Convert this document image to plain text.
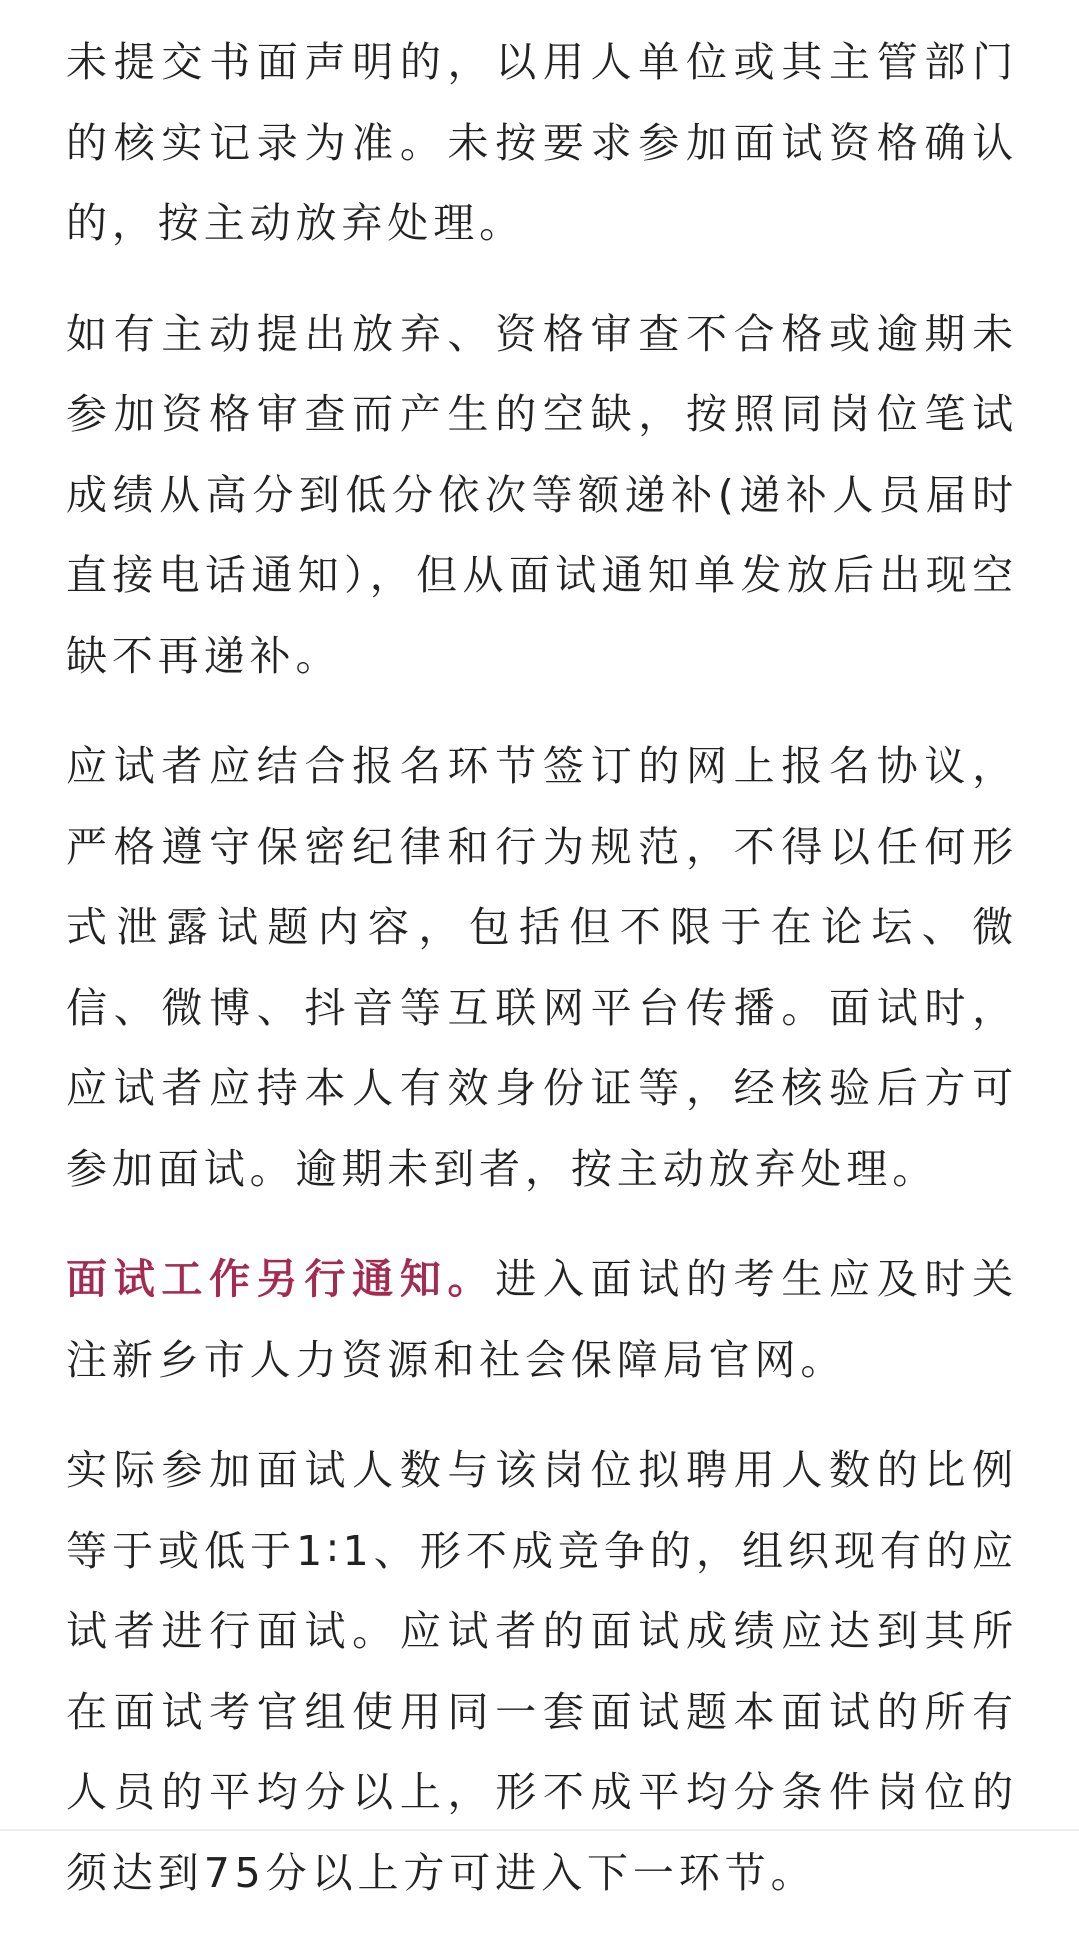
未提交书面声明的，以用人单位或其主管部门的核实记录为准。未按要求参加面试资格确认的，按主动放弃处理。

如有主动提出放弃、资格审查不合格或逾期未参加资格审查而产生的空缺，按照同岗位笔试成绩从高分到低分依次等额递补(递补人员届时直接电话通知），但从面试通知单发放后出现空缺不再递补。

应试者应结合报名环节签订的网上报名协议，严格遵守保密纪律和行为规范，不得以任何形式泄露试题内容，包括但不限于在论坛、微信、微博、抖音等互联网平台传播。面试时，应试者应持本人有效身份证等，经核验后方可参加面试。逾期未到者，按主动放弃处理。

面试工作另行通知。进入面试的考生应及时关注新乡市人力资源和社会保障局官网。

实际参加面试人数与该岗位拟聘用人数的比例等于或低于1∶1、形不成竞争的，组织现有的应试者进行面试。应试者的面试成绩应达到其所在面试考官组使用同一套面试题本面试的所有人员的平均分以上，形不成平均分条件岗位的须达到75分以上方可进入下一环节。
